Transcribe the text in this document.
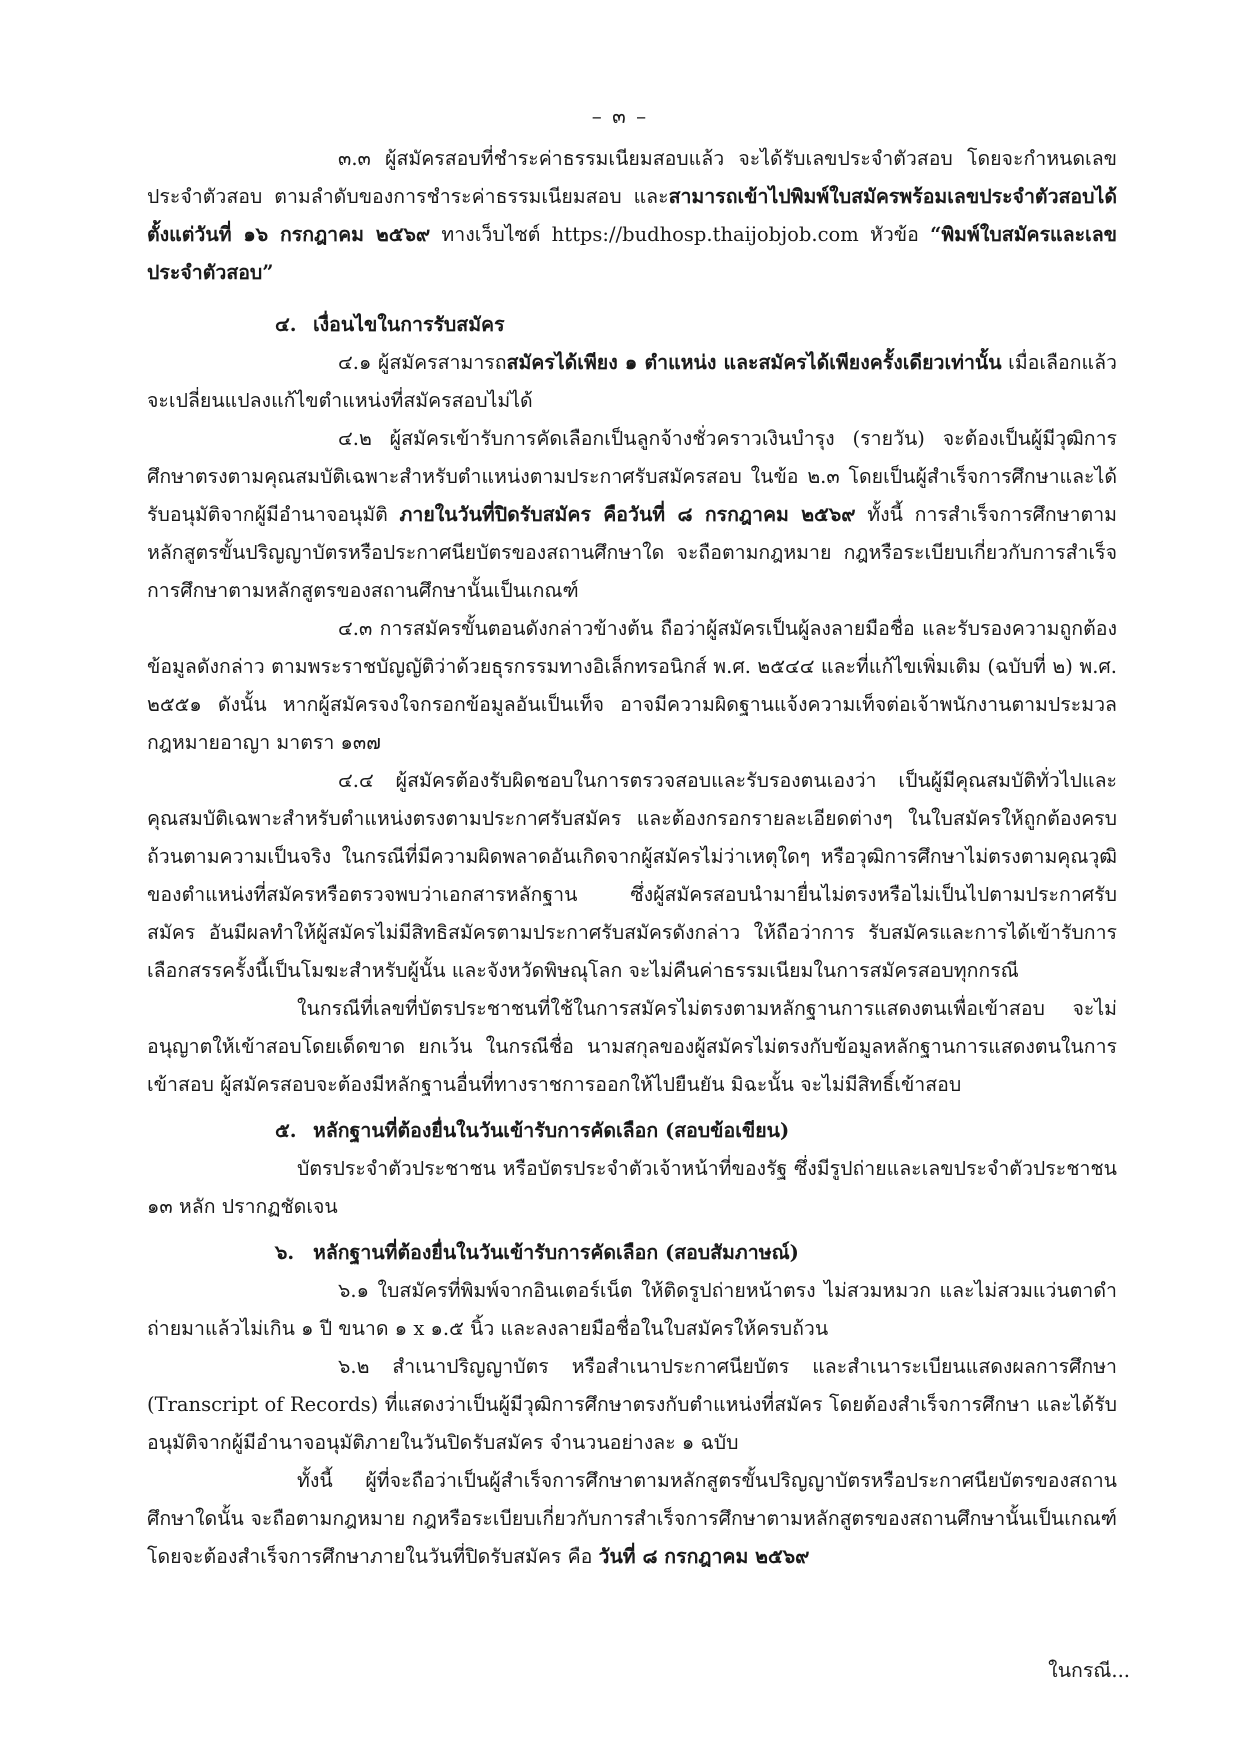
– ๓ –

๓.๓ ผู้สมัครสอบที่ชำระค่าธรรมเนียมสอบแล้ว จะได้รับเลขประจำตัวสอบ โดยจะกำหนดเลขประจำตัวสอบ ตามลำดับของการชำระค่าธรรมเนียมสอบ และสามารถเข้าไปพิมพ์ใบสมัครพร้อมเลขประจำตัวสอบได้ตั้งแต่วันที่ ๑๖ กรกฎาคม ๒๕๖๙ ทางเว็บไซต์ https://budhosp.thaijobjob.com หัวข้อ “พิมพ์ใบสมัครและเลขประจำตัวสอบ”

๔. เงื่อนไขในการรับสมัคร

๔.๑ ผู้สมัครสามารถสมัครได้เพียง ๑ ตำแหน่ง และสมัครได้เพียงครั้งเดียวเท่านั้น เมื่อเลือกแล้วจะเปลี่ยนแปลงแก้ไขตำแหน่งที่สมัครสอบไม่ได้

๔.๒ ผู้สมัครเข้ารับการคัดเลือกเป็นลูกจ้างชั่วคราวเงินบำรุง (รายวัน) จะต้องเป็นผู้มีวุฒิการศึกษาตรงตามคุณสมบัติเฉพาะสำหรับตำแหน่งตามประกาศรับสมัครสอบ ในข้อ ๒.๓ โดยเป็นผู้สำเร็จการศึกษาและได้รับอนุมัติจากผู้มีอำนาจอนุมัติ ภายในวันที่ปิดรับสมัคร คือวันที่ ๘ กรกฎาคม ๒๕๖๙ ทั้งนี้ การสำเร็จการศึกษาตามหลักสูตรขั้นปริญญาบัตรหรือประกาศนียบัตรของสถานศึกษาใด จะถือตามกฎหมาย กฎหรือระเบียบเกี่ยวกับการสำเร็จการศึกษาตามหลักสูตรของสถานศึกษานั้นเป็นเกณฑ์

๔.๓ การสมัครขั้นตอนดังกล่าวข้างต้น ถือว่าผู้สมัครเป็นผู้ลงลายมือชื่อ และรับรองความถูกต้องข้อมูลดังกล่าว ตามพระราชบัญญัติว่าด้วยธุรกรรมทางอิเล็กทรอนิกส์ พ.ศ. ๒๕๔๔ และที่แก้ไขเพิ่มเติม (ฉบับที่ ๒) พ.ศ. ๒๕๕๑ ดังนั้น หากผู้สมัครจงใจกรอกข้อมูลอันเป็นเท็จ อาจมีความผิดฐานแจ้งความเท็จต่อเจ้าพนักงานตามประมวลกฎหมายอาญา มาตรา ๑๓๗

๔.๔ ผู้สมัครต้องรับผิดชอบในการตรวจสอบและรับรองตนเองว่า เป็นผู้มีคุณสมบัติทั่วไปและคุณสมบัติเฉพาะสำหรับตำแหน่งตรงตามประกาศรับสมัคร และต้องกรอกรายละเอียดต่างๆ ในใบสมัครให้ถูกต้องครบถ้วนตามความเป็นจริง ในกรณีที่มีความผิดพลาดอันเกิดจากผู้สมัครไม่ว่าเหตุใดๆ หรือวุฒิการศึกษาไม่ตรงตามคุณวุฒิของตำแหน่งที่สมัครหรือตรวจพบว่าเอกสารหลักฐาน ซึ่งผู้สมัครสอบนำมายื่นไม่ตรงหรือไม่เป็นไปตามประกาศรับสมัคร อันมีผลทำให้ผู้สมัครไม่มีสิทธิสมัครตามประกาศรับสมัครดังกล่าว ให้ถือว่าการ รับสมัครและการได้เข้ารับการเลือกสรรครั้งนี้เป็นโมฆะสำหรับผู้นั้น และจังหวัดพิษณุโลก จะไม่คืนค่าธรรมเนียมในการสมัครสอบทุกกรณี

ในกรณีที่เลขที่บัตรประชาชนที่ใช้ในการสมัครไม่ตรงตามหลักฐานการแสดงตนเพื่อเข้าสอบ จะไม่อนุญาตให้เข้าสอบโดยเด็ดขาด ยกเว้น ในกรณีชื่อ นามสกุลของผู้สมัครไม่ตรงกับข้อมูลหลักฐานการแสดงตนในการเข้าสอบ ผู้สมัครสอบจะต้องมีหลักฐานอื่นที่ทางราชการออกให้ไปยืนยัน มิฉะนั้น จะไม่มีสิทธิ์เข้าสอบ

๕. หลักฐานที่ต้องยื่นในวันเข้ารับการคัดเลือก (สอบข้อเขียน)

บัตรประจำตัวประชาชน หรือบัตรประจำตัวเจ้าหน้าที่ของรัฐ ซึ่งมีรูปถ่ายและเลขประจำตัวประชาชน ๑๓ หลัก ปรากฏชัดเจน

๖. หลักฐานที่ต้องยื่นในวันเข้ารับการคัดเลือก (สอบสัมภาษณ์)

๖.๑ ใบสมัครที่พิมพ์จากอินเตอร์เน็ต ให้ติดรูปถ่ายหน้าตรง ไม่สวมหมวก และไม่สวมแว่นตาดำ ถ่ายมาแล้วไม่เกิน ๑ ปี ขนาด ๑ x ๑.๕ นิ้ว และลงลายมือชื่อในใบสมัครให้ครบถ้วน

๖.๒ สำเนาปริญญาบัตร หรือสำเนาประกาศนียบัตร และสำเนาระเบียนแสดงผลการศึกษา (Transcript of Records) ที่แสดงว่าเป็นผู้มีวุฒิการศึกษาตรงกับตำแหน่งที่สมัคร โดยต้องสำเร็จการศึกษา และได้รับอนุมัติจากผู้มีอำนาจอนุมัติภายในวันปิดรับสมัคร จำนวนอย่างละ ๑ ฉบับ

ทั้งนี้ ผู้ที่จะถือว่าเป็นผู้สำเร็จการศึกษาตามหลักสูตรขั้นปริญญาบัตรหรือประกาศนียบัตรของสถานศึกษาใดนั้น จะถือตามกฎหมาย กฎหรือระเบียบเกี่ยวกับการสำเร็จการศึกษาตามหลักสูตรของสถานศึกษานั้นเป็นเกณฑ์ โดยจะต้องสำเร็จการศึกษาภายในวันที่ปิดรับสมัคร คือ วันที่ ๘ กรกฎาคม ๒๕๖๙

ในกรณี...
